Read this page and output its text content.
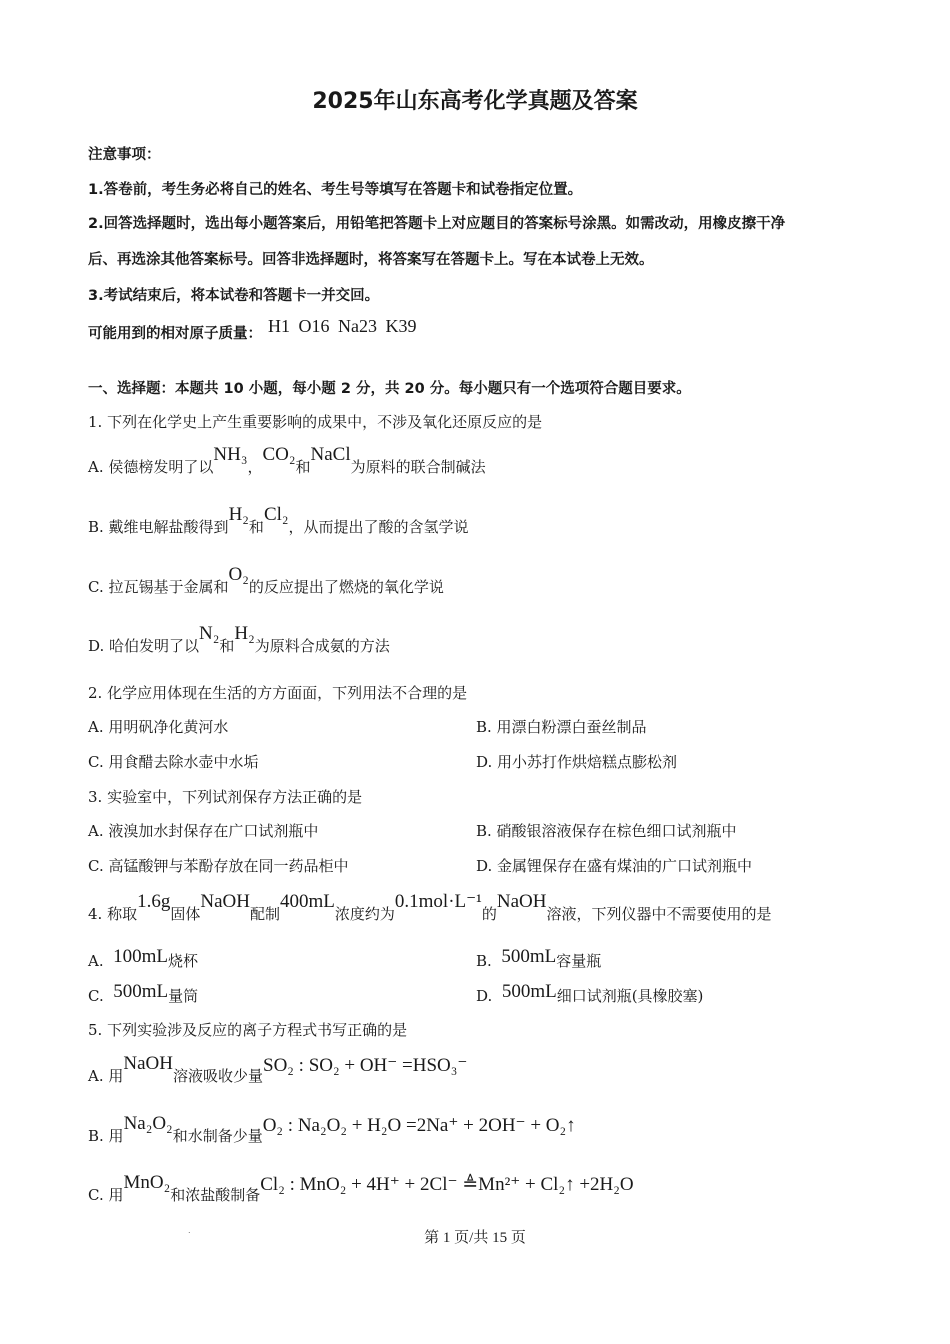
2025年山东高考化学真题及答案
注意事项：
1.答卷前，考生务必将自己的姓名、考生号等填写在答题卡和试卷指定位置。
2.回答选择题时，选出每小题答案后，用铅笔把答题卡上对应题目的答案标号涂黑。如需改动，用橡皮擦干净
后、再选涂其他答案标号。回答非选择题时，将答案写在答题卡上。写在本试卷上无效。
3.考试结束后，将本试卷和答题卡一并交回。
可能用到的相对原子质量： H1 O16 Na23 K39
一、选择题：本题共 10 小题，每小题 2 分，共 20 分。每小题只有一个选项符合题目要求。
1. 下列在化学史上产生重要影响的成果中，不涉及氧化还原反应的是
A. 侯德榜发明了以NH₃，CO₂和NaCl为原料的联合制碱法
B. 戴维电解盐酸得到H₂和Cl₂，从而提出了酸的含氢学说
C. 拉瓦锡基于金属和O₂的反应提出了燃烧的氧化学说
D. 哈伯发明了以N₂和H₂为原料合成氨的方法
2. 化学应用体现在生活的方方面面，下列用法不合理的是
A. 用明矾净化黄河水	B. 用漂白粉漂白蚕丝制品
C. 用食醋去除水壶中水垢	D. 用小苏打作烘焙糕点膨松剂
3. 实验室中，下列试剂保存方法正确的是
A. 液溴加水封保存在广口试剂瓶中	B. 硝酸银溶液保存在棕色细口试剂瓶中
C. 高锰酸钾与苯酚存放在同一药品柜中	D. 金属锂保存在盛有煤油的广口试剂瓶中
4. 称取1.6g固体NaOH配制400mL浓度约为0.1mol·L⁻¹的NaOH溶液，下列仪器中不需要使用的是
A. 100mL烧杯	B. 500mL容量瓶
C. 500mL量筒	D. 500mL细口试剂瓶(具橡胶塞)
5. 下列实验涉及反应的离子方程式书写正确的是
A. 用NaOH溶液吸收少量SO₂ : SO₂ + OH⁻ =HSO₃⁻
B. 用Na₂O₂和水制备少量O₂ : Na₂O₂ + H₂O =2Na⁺ + 2OH⁻ + O₂↑
C. 用MnO₂和浓盐酸制备Cl₂ : MnO₂ + 4H⁺ + 2Cl⁻ ≜Mn²⁺ + Cl₂↑ +2H₂O
.	第 1 页/共 15 页
